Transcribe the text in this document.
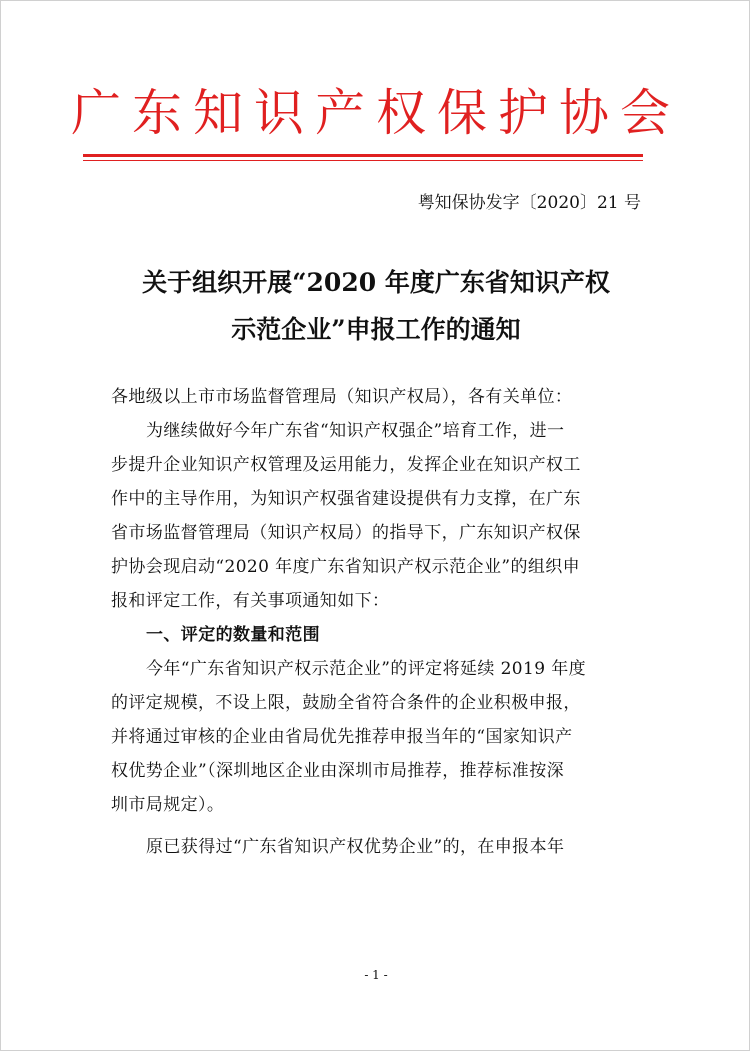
广东知识产权保护协会
粤知保协发字〔2020〕21 号
关于组织开展“2020 年度广东省知识产权
示范企业”申报工作的通知
各地级以上市市场监督管理局（知识产权局），各有关单位：
为继续做好今年广东省“知识产权强企”培育工作，进一
步提升企业知识产权管理及运用能力，发挥企业在知识产权工
作中的主导作用，为知识产权强省建设提供有力支撑，在广东
省市场监督管理局（知识产权局）的指导下，广东知识产权保
护协会现启动“2020 年度广东省知识产权示范企业”的组织申
报和评定工作，有关事项通知如下：
一、评定的数量和范围
今年“广东省知识产权示范企业”的评定将延续 2019 年度
的评定规模，不设上限，鼓励全省符合条件的企业积极申报，
并将通过审核的企业由省局优先推荐申报当年的“国家知识产
权优势企业”（深圳地区企业由深圳市局推荐，推荐标准按深
圳市局规定）。
原已获得过“广东省知识产权优势企业”的，在申报本年
- 1 -
